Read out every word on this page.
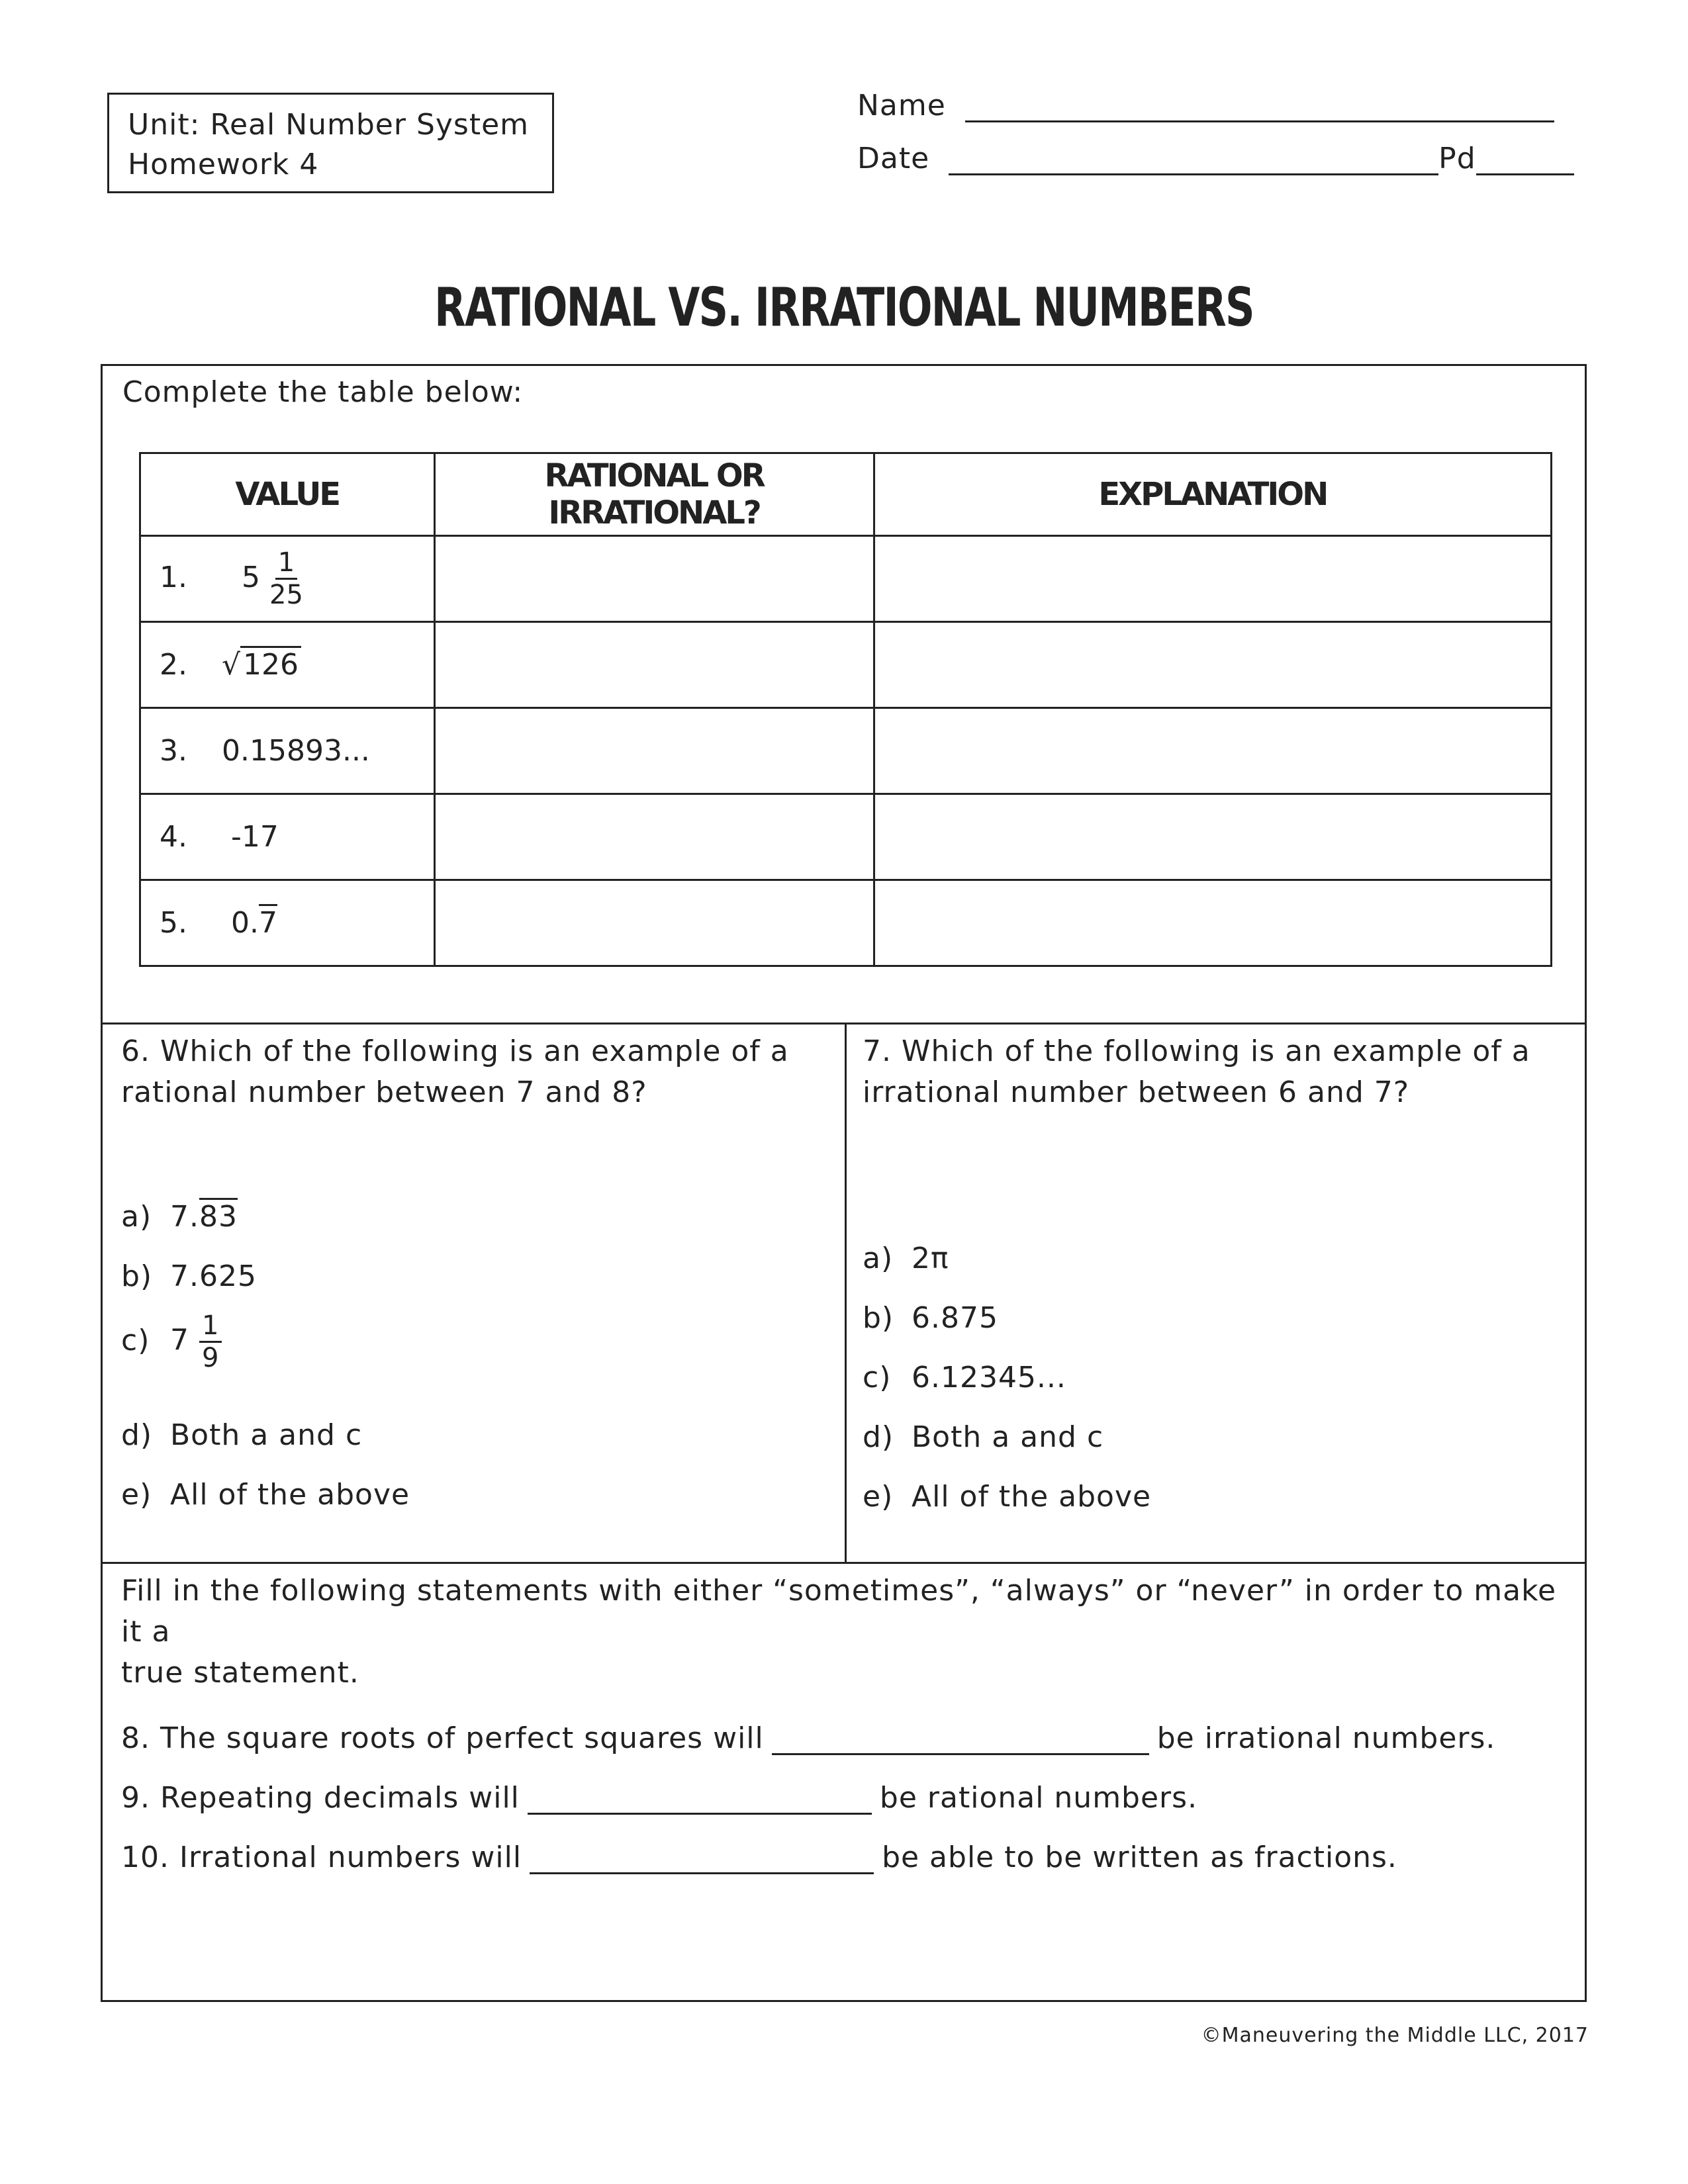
Unit: Real Number System
Homework 4
Name
Date	Pd
RATIONAL VS. IRRATIONAL NUMBERS
Complete the table below:
VALUE	RATIONAL OR IRRATIONAL?	EXPLANATION
1. $5 \frac{1}{25}$

2. √126		
3. 0.15893...		
4. -17		
5. 0.7		
6. Which of the following is an example of a
rational number between 7 and 8?
a) 7.83
b) 7.625
c) $7 \frac{1}{9}$
d) Both a and c
e) All of the above
7. Which of the following is an example of a
irrational number between 6 and 7?
a) 2π
b) 6.875
c) 6.12345...
d) Both a and c
e) All of the above
Fill in the following statements with either “sometimes”, “always” or “never” in order to make it a
true statement.
8. The square roots of perfect squares will	be irrational numbers.
9. Repeating decimals will	be rational numbers.
10. Irrational numbers will	be able to be written as fractions.
©Maneuvering the Middle LLC, 2017
